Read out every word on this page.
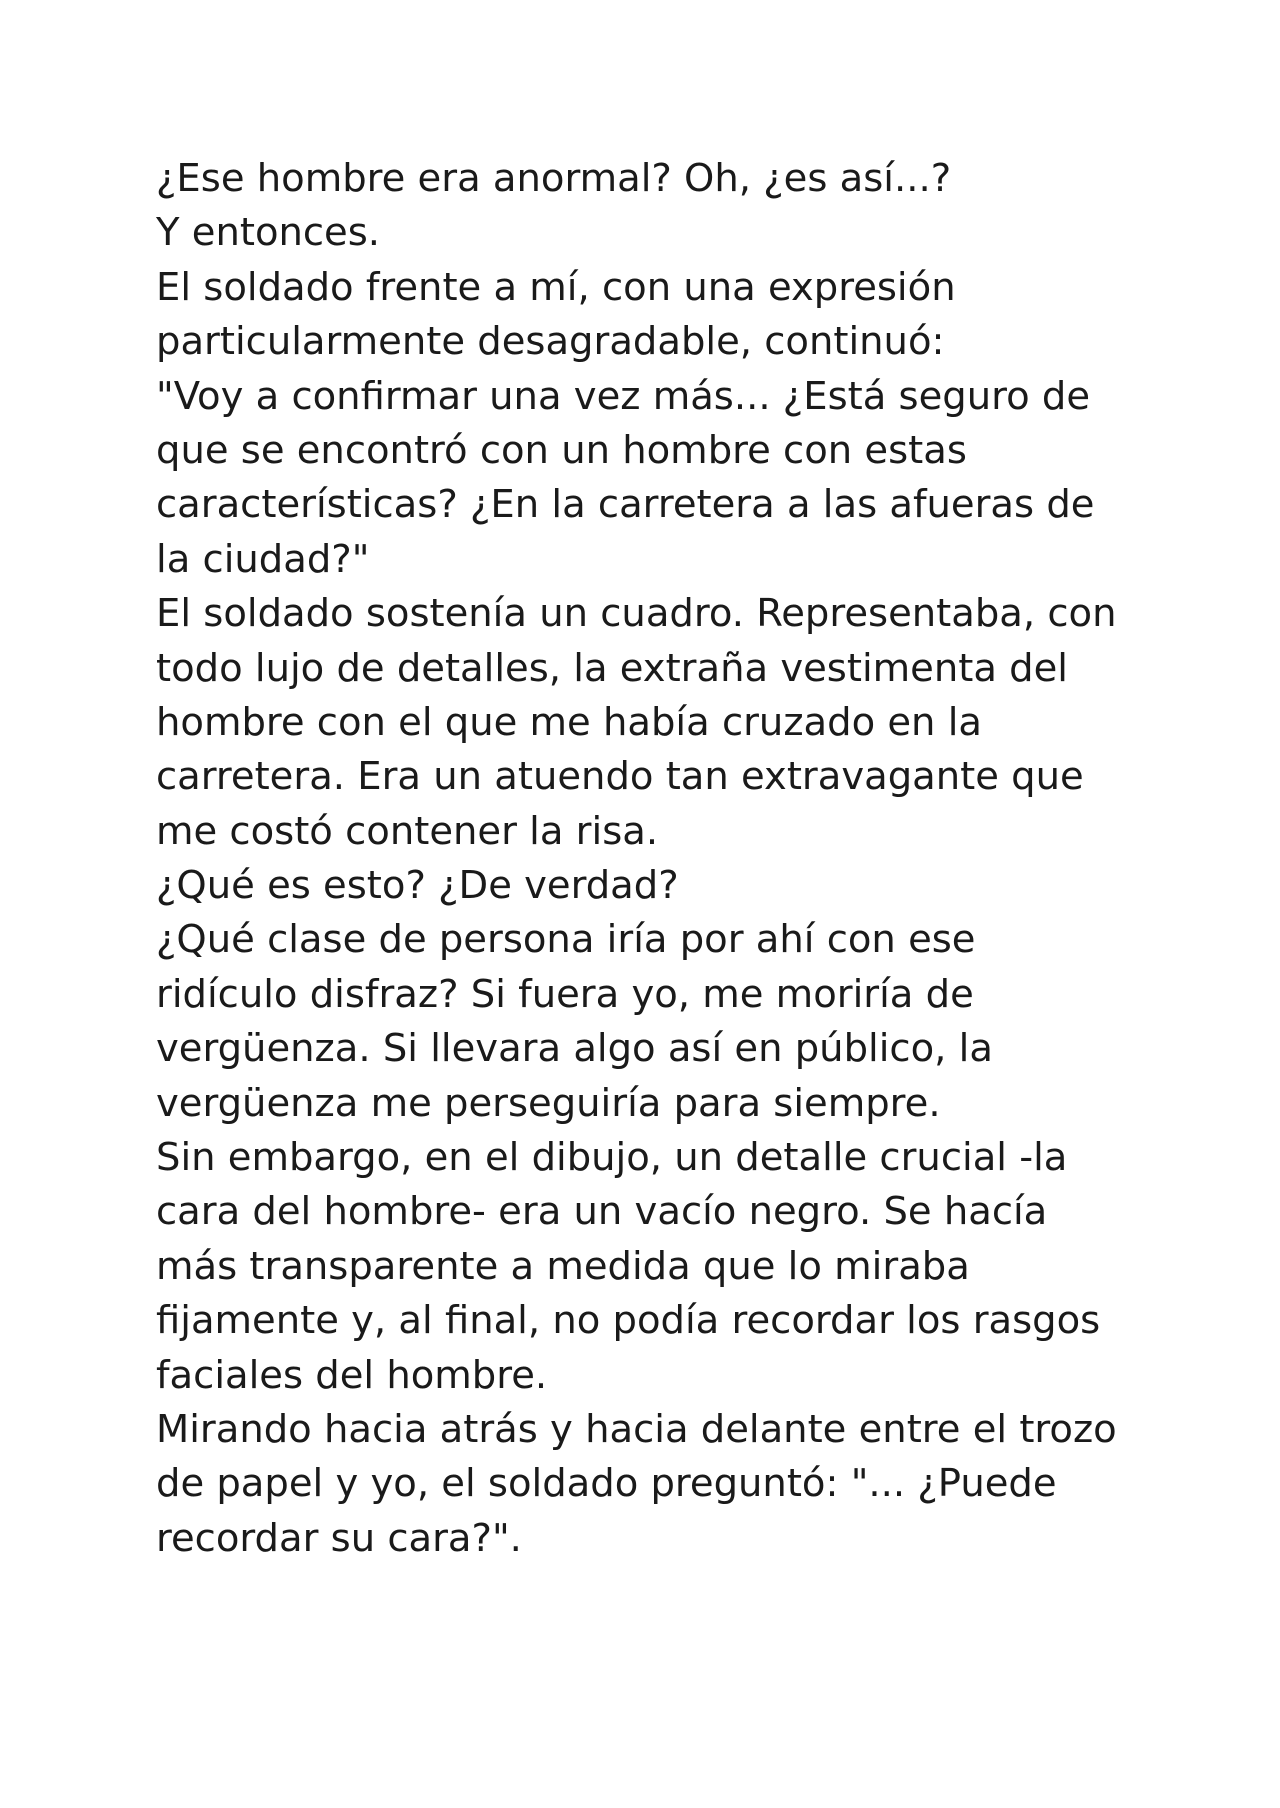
¿Ese hombre era anormal? Oh, ¿es así...?
Y entonces.
El soldado frente a mí, con una expresión
particularmente desagradable, continuó:
"Voy a confirmar una vez más... ¿Está seguro de
que se encontró con un hombre con estas
características? ¿En la carretera a las afueras de
la ciudad?"
El soldado sostenía un cuadro. Representaba, con
todo lujo de detalles, la extraña vestimenta del
hombre con el que me había cruzado en la
carretera. Era un atuendo tan extravagante que
me costó contener la risa.
¿Qué es esto? ¿De verdad?
¿Qué clase de persona iría por ahí con ese
ridículo disfraz? Si fuera yo, me moriría de
vergüenza. Si llevara algo así en público, la
vergüenza me perseguiría para siempre.
Sin embargo, en el dibujo, un detalle crucial -la
cara del hombre- era un vacío negro. Se hacía
más transparente a medida que lo miraba
fijamente y, al final, no podía recordar los rasgos
faciales del hombre.
Mirando hacia atrás y hacia delante entre el trozo
de papel y yo, el soldado preguntó: "... ¿Puede
recordar su cara?".
